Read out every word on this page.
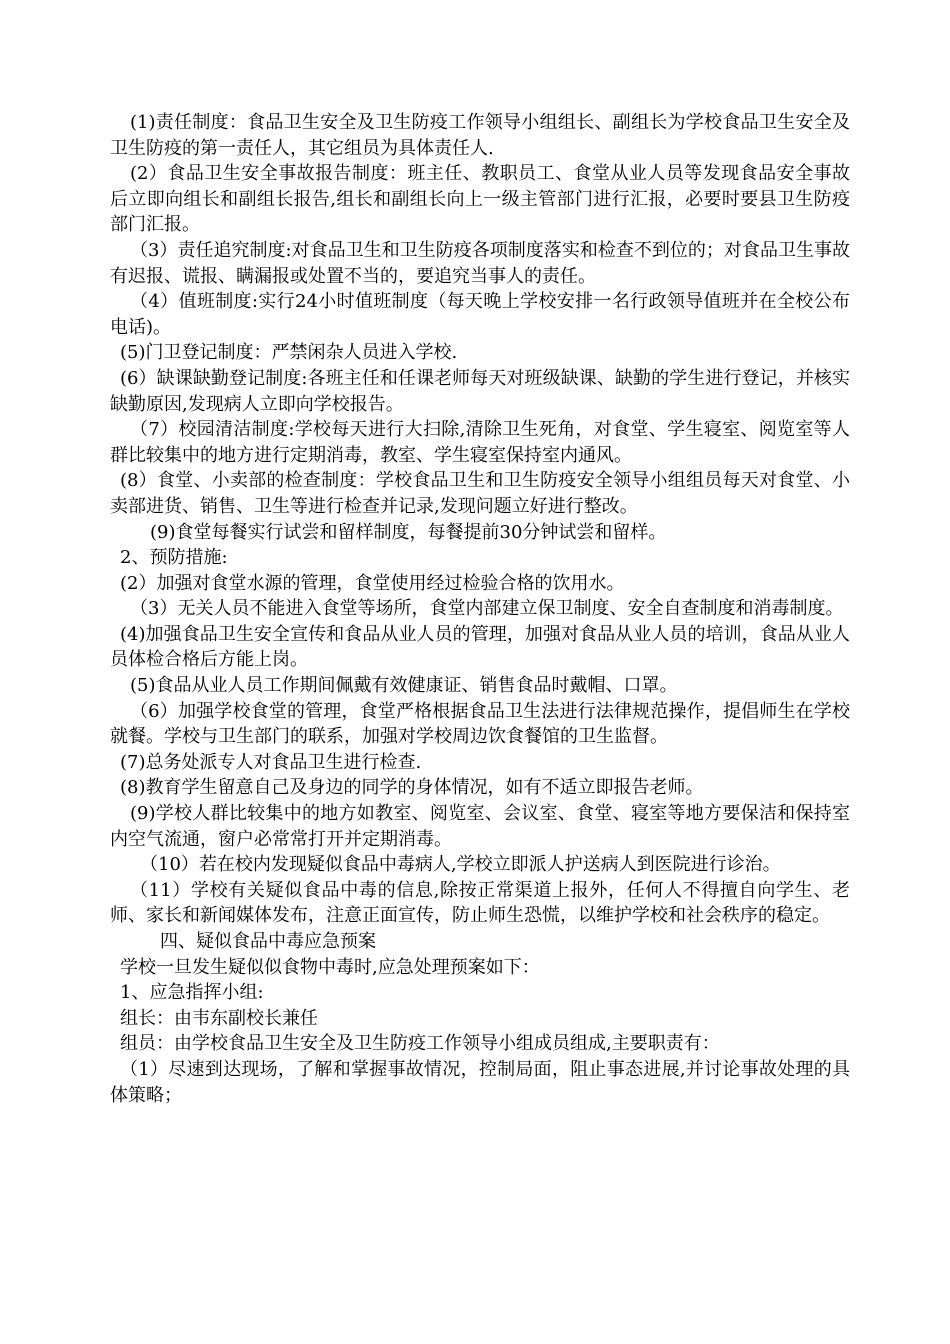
(1)责任制度：食品卫生安全及卫生防疫工作领导小组组长、副组长为学校食品卫生安全及卫生防疫的第一责任人，其它组员为具体责任人.

(2）食品卫生安全事故报告制度：班主任、教职员工、食堂从业人员等发现食品安全事故后立即向组长和副组长报告,组长和副组长向上一级主管部门进行汇报，必要时要县卫生防疫部门汇报。

（3）责任追究制度:对食品卫生和卫生防疫各项制度落实和检查不到位的；对食品卫生事故有迟报、谎报、瞒漏报或处置不当的，要追究当事人的责任。

（4）值班制度:实行24小时值班制度（每天晚上学校安排一名行政领导值班并在全校公布电话)。

(5)门卫登记制度：严禁闲杂人员进入学校.

(6）缺课缺勤登记制度:各班主任和任课老师每天对班级缺课、缺勤的学生进行登记，并核实缺勤原因,发现病人立即向学校报告。

（7）校园清洁制度:学校每天进行大扫除,清除卫生死角，对食堂、学生寝室、阅览室等人群比较集中的地方进行定期消毒，教室、学生寝室保持室内通风。

(8）食堂、小卖部的检查制度：学校食品卫生和卫生防疫安全领导小组组员每天对食堂、小卖部进货、销售、卫生等进行检查并记录,发现问题立好进行整改。

(9)食堂每餐实行试尝和留样制度，每餐提前30分钟试尝和留样。

2、预防措施:

(2）加强对食堂水源的管理，食堂使用经过检验合格的饮用水。

（3）无关人员不能进入食堂等场所，食堂内部建立保卫制度、安全自查制度和消毒制度。

(4)加强食品卫生安全宣传和食品从业人员的管理，加强对食品从业人员的培训，食品从业人员体检合格后方能上岗。

(5)食品从业人员工作期间佩戴有效健康证、销售食品时戴帽、口罩。

（6）加强学校食堂的管理，食堂严格根据食品卫生法进行法律规范操作，提倡师生在学校就餐。学校与卫生部门的联系，加强对学校周边饮食餐馆的卫生监督。

(7)总务处派专人对食品卫生进行检查.

(8)教育学生留意自己及身边的同学的身体情况，如有不适立即报告老师。

(9)学校人群比较集中的地方如教室、阅览室、会议室、食堂、寝室等地方要保洁和保持室内空气流通，窗户必常常打开并定期消毒。

（10）若在校内发现疑似食品中毒病人,学校立即派人护送病人到医院进行诊治。

（11）学校有关疑似食品中毒的信息,除按正常渠道上报外，任何人不得擅自向学生、老师、家长和新闻媒体发布，注意正面宣传，防止师生恐慌，以维护学校和社会秩序的稳定。

四、疑似食品中毒应急预案

学校一旦发生疑似似食物中毒时,应急处理预案如下：

1、应急指挥小组:

组长：由韦东副校长兼任

组员：由学校食品卫生安全及卫生防疫工作领导小组成员组成,主要职责有：

（1）尽速到达现场，了解和掌握事故情况，控制局面，阻止事态进展,并讨论事故处理的具体策略；
